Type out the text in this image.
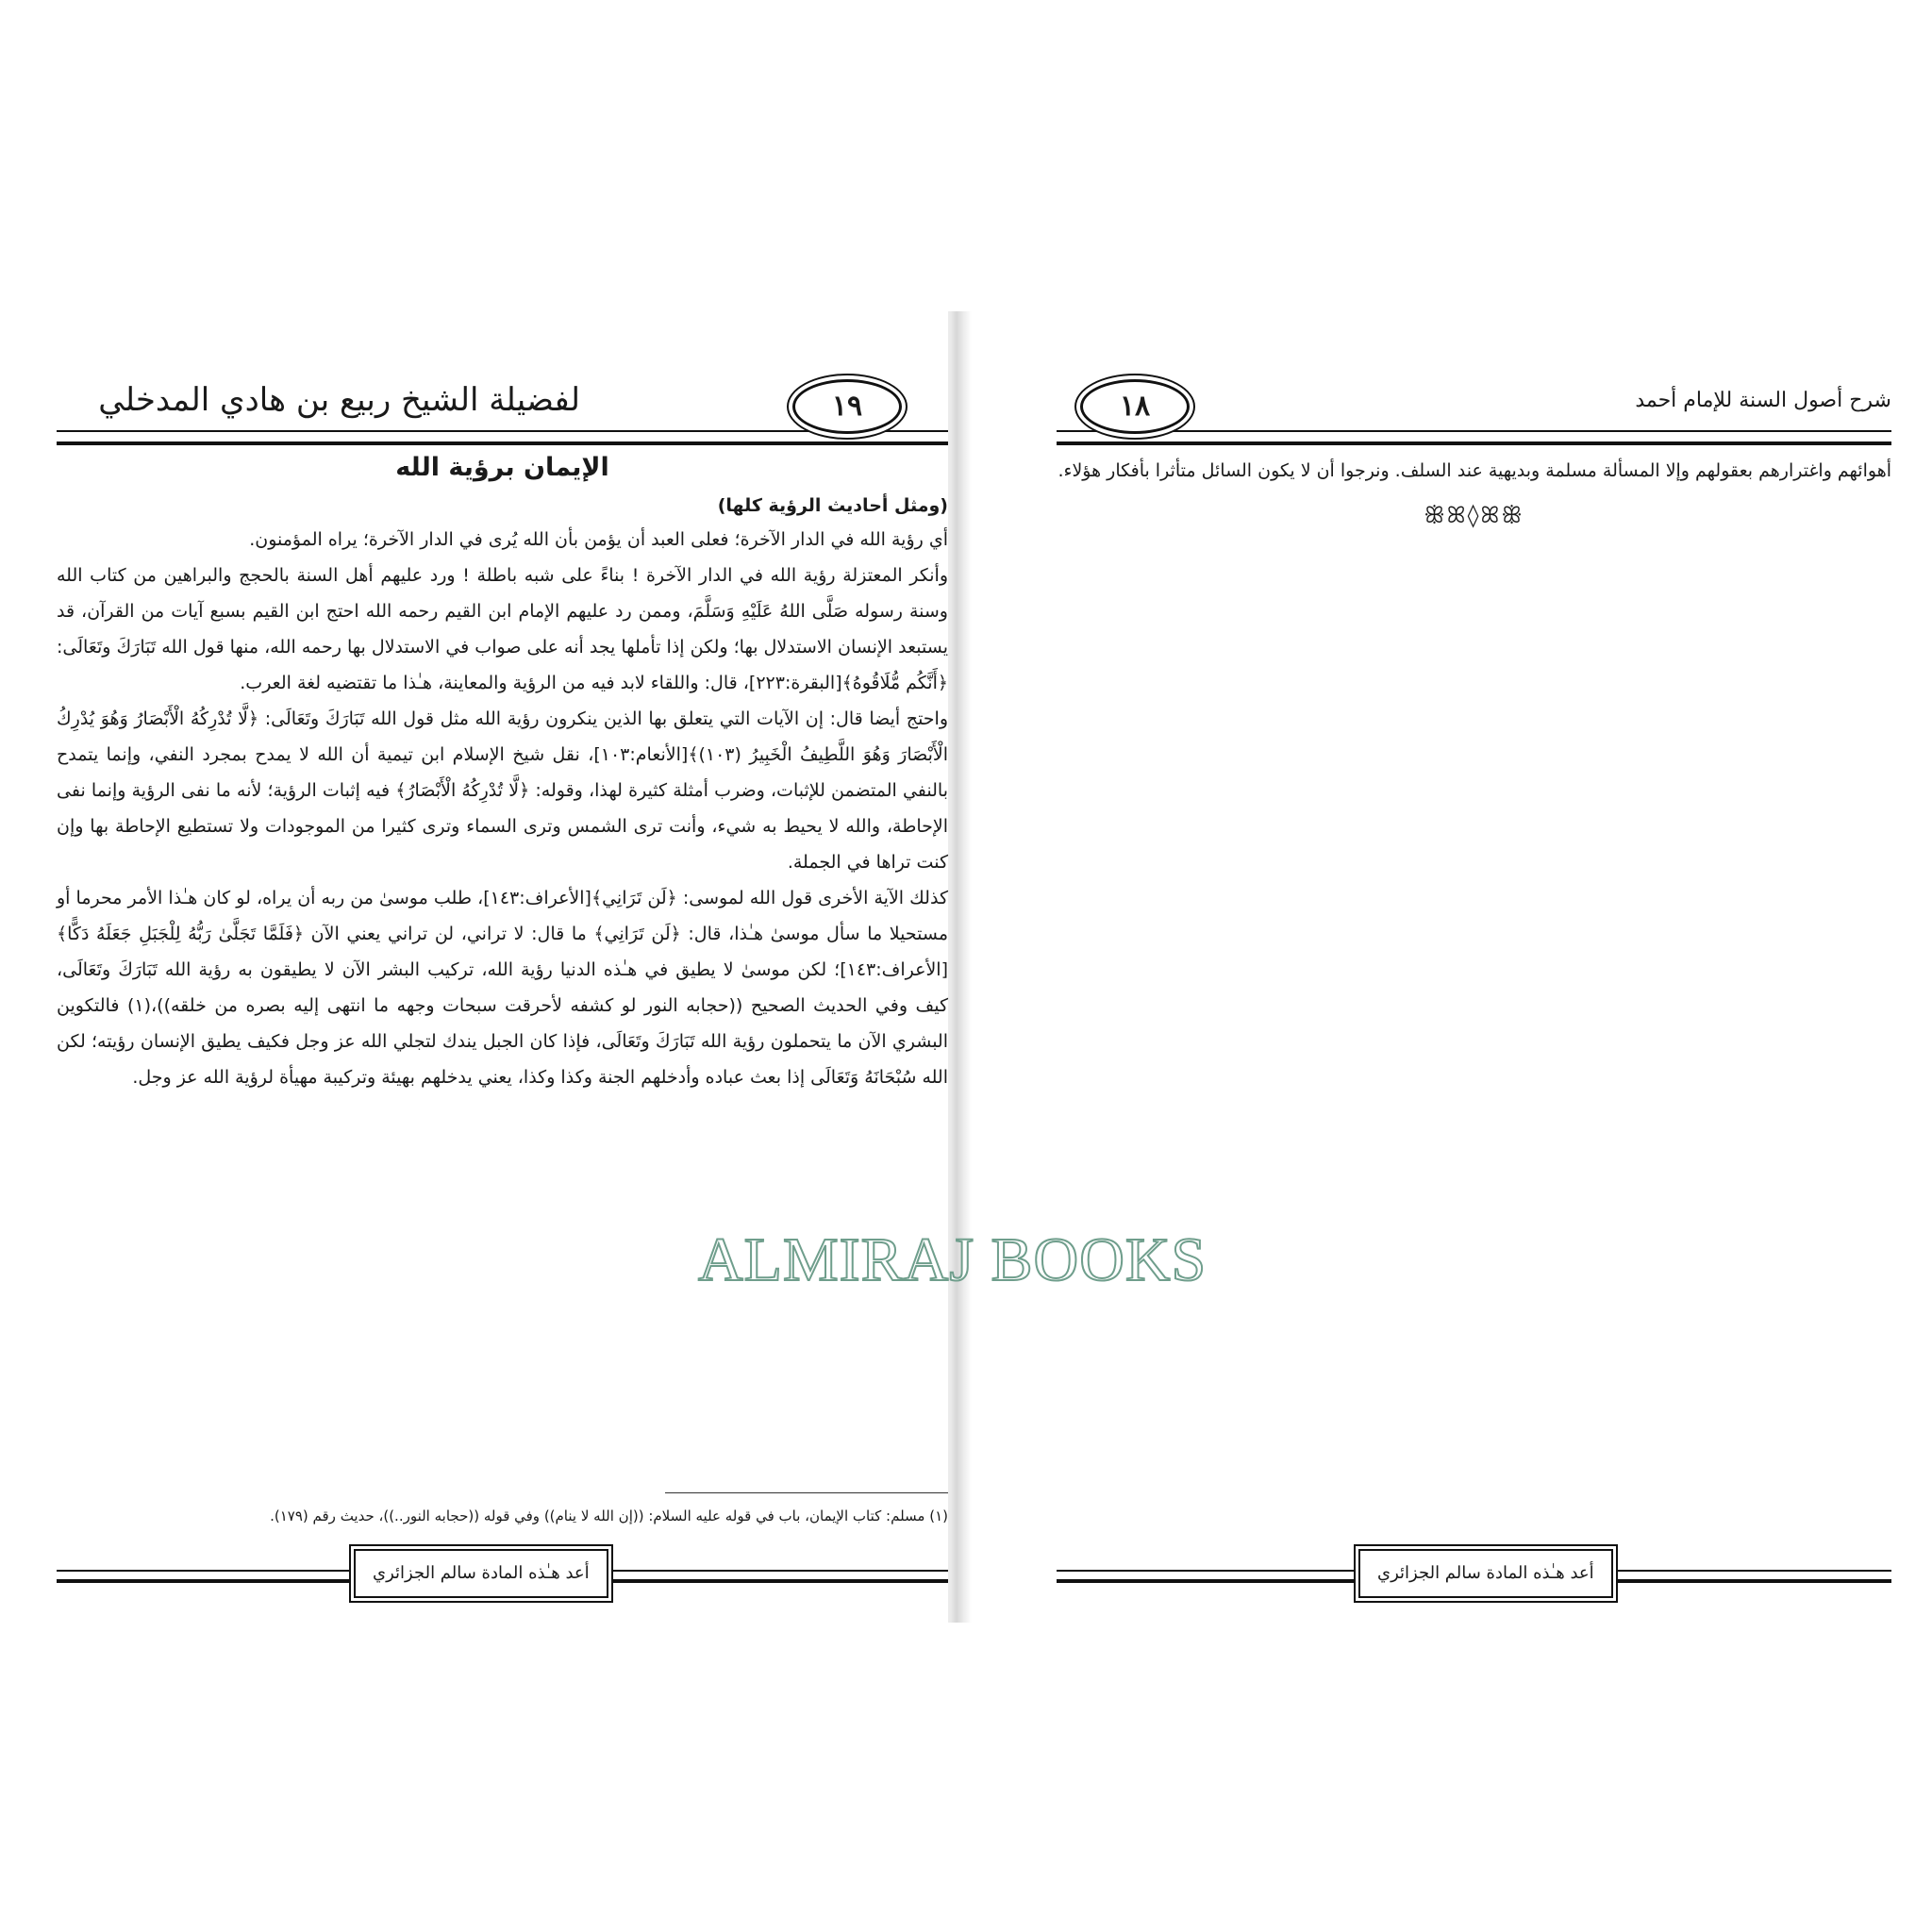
١٩
لفضيلة الشيخ ربيع بن هادي المدخلي
الإيمان برؤية الله
(ومثل أحاديث الرؤية كلها)

أي رؤية الله في الدار الآخرة؛ فعلى العبد أن يؤمن بأن الله يُرى في الدار الآخرة؛ يراه المؤمنون.

وأنكر المعتزلة رؤية الله في الدار الآخرة ! بناءً على شبه باطلة ! ورد عليهم أهل السنة بالحجج والبراهين من كتاب الله وسنة رسوله صَلَّى اللهُ عَلَيْهِ وَسَلَّمَ، وممن رد عليهم الإمام ابن القيم رحمه الله احتج ابن القيم بسبع آيات من القرآن، قد يستبعد الإنسان الاستدلال بها؛ ولكن إذا تأملها يجد أنه على صواب في الاستدلال بها رحمه الله، منها قول الله تَبَارَكَ وتَعَالَى: ﴿أَنَّكُم مُّلَاقُوهُ﴾[البقرة:٢٢٣]، قال: واللقاء لابد فيه من الرؤية والمعاينة، هـٰذا ما تقتضيه لغة العرب.

واحتج أيضا قال: إن الآيات التي يتعلق بها الذين ينكرون رؤية الله مثل قول الله تَبَارَكَ وتَعَالَى: ﴿لَّا تُدْرِكُهُ الْأَبْصَارُ وَهُوَ يُدْرِكُ الْأَبْصَارَ وَهُوَ اللَّطِيفُ الْخَبِيرُ (١٠٣)﴾[الأنعام:١٠٣]، نقل شيخ الإسلام ابن تيمية أن الله لا يمدح بمجرد النفي، وإنما يتمدح بالنفي المتضمن للإثبات، وضرب أمثلة كثيرة لهذا، وقوله: ﴿لَّا تُدْرِكُهُ الْأَبْصَارُ﴾ فيه إثبات الرؤية؛ لأنه ما نفى الرؤية وإنما نفى الإحاطة، والله لا يحيط به شيء، وأنت ترى الشمس وترى السماء وترى كثيرا من الموجودات ولا تستطيع الإحاطة بها وإن كنت تراها في الجملة.

كذلك الآية الأخرى قول الله لموسى: ﴿لَن تَرَانِي﴾[الأعراف:١٤٣]، طلب موسىٰ من ربه أن يراه، لو كان هـٰذا الأمر محرما أو مستحيلا ما سأل موسىٰ هـٰذا، قال: ﴿لَن تَرَانِي﴾ ما قال: لا تراني، لن تراني يعني الآن ﴿فَلَمَّا تَجَلَّىٰ رَبُّهُ لِلْجَبَلِ جَعَلَهُ دَكًّا﴾[الأعراف:١٤٣]؛ لكن موسىٰ لا يطيق في هـٰذه الدنيا رؤية الله، تركيب البشر الآن لا يطيقون به رؤية الله تَبَارَكَ وتَعَالَى، كيف وفي الحديث الصحيح ((حجابه النور لو كشفه لأحرقت سبحات وجهه ما انتهى إليه بصره من خلقه))،(١) فالتكوين البشري الآن ما يتحملون رؤية الله تَبَارَكَ وتَعَالَى، فإذا كان الجبل يندك لتجلي الله عز وجل فكيف يطيق الإنسان رؤيته؛ لكن الله سُبْحَانَهُ وَتَعَالَى إذا بعث عباده وأدخلهم الجنة وكذا وكذا، يعني يدخلهم بهيئة وتركيبة مهيأة لرؤية الله عز وجل.

(١) مسلم: كتاب الإيمان، باب في قوله عليه السلام: ((إن الله لا ينام)) وفي قوله ((حجابه النور..))، حديث رقم (١٧٩).
أعد هـٰذه المادة سالم الجزائري
١٨	شرح أصول السنة للإمام أحمد

أهوائهم واغترارهم بعقولهم وإلا المسألة مسلمة وبديهية عند السلف. ونرجوا أن لا يكون السائل متأثرا بأفكار هؤلاء.

ꕥꕤ◊ꕤꕥ
أعد هـٰذه المادة سالم الجزائري
ALMIRAJ BOOKS
